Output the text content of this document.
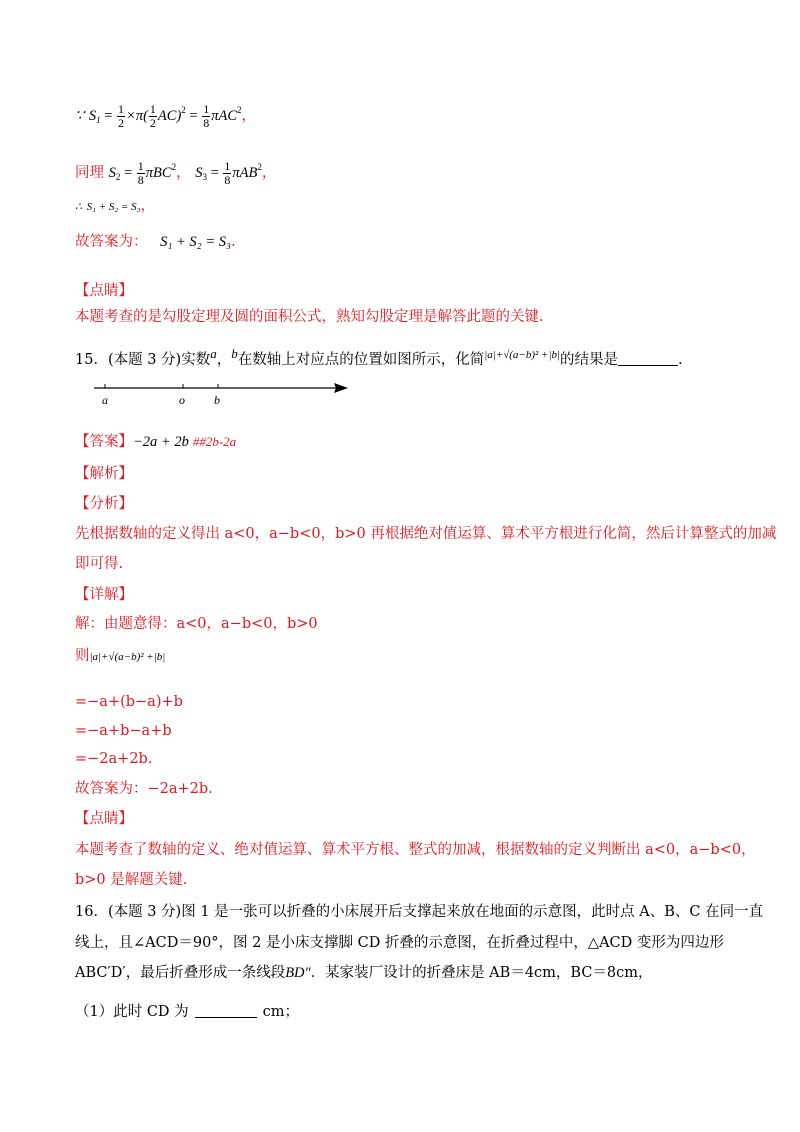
∵ $S_1 = \frac{1}{2} \times\pi( \frac{1}{2} AC)^2 = \frac{1}{8} \pi AC^2$，
同理 $S_2 = \frac{1}{8} \pi BC^2$， $S_3 = \frac{1}{8} \pi AB^2$，
∴ S₁ + S₂ = S₃，
故答案为： S₁ + S₂ = S₃.
【点睛】
本题考查的是勾股定理及圆的面积公式，熟知勾股定理是解答此题的关键.
15．(本题 3 分)实数a，b在数轴上对应点的位置如图所示，化简$^{|a|+√(a-b)^2 +|b|}$的结果是	.
a	o b
【答案】−2a + 2b ##2b-2a
【解析】
【分析】
先根据数轴的定义得出 a<0，a−b<0，b>0 再根据绝对值运算、算术平方根进行化简，然后计算整式的加减
即可得.
【详解】
解：由题意得：a<0，a−b<0，b>0
则|a|+√(a−b)² +|b|
=−a+(b−a)+b
=−a+b−a+b
=−2a+2b.
故答案为：−2a+2b.
【点睛】
本题考查了数轴的定义、绝对值运算、算术平方根、整式的加减，根据数轴的定义判断出 a<0，a−b<0，
b>0 是解题关键.
16．(本题 3 分)图 1 是一张可以折叠的小床展开后支撑起来放在地面的示意图，此时点 A、B、C 在同一直
线上，且∠ACD＝90°，图 2 是小床支撑脚 CD 折叠的示意图，在折叠过程中，△ACD 变形为四边形
ABC′D′，最后折叠形成一条线段BD″．某家装厂设计的折叠床是 AB＝4cm，BC＝8cm，
（1）此时 CD 为	cm；
